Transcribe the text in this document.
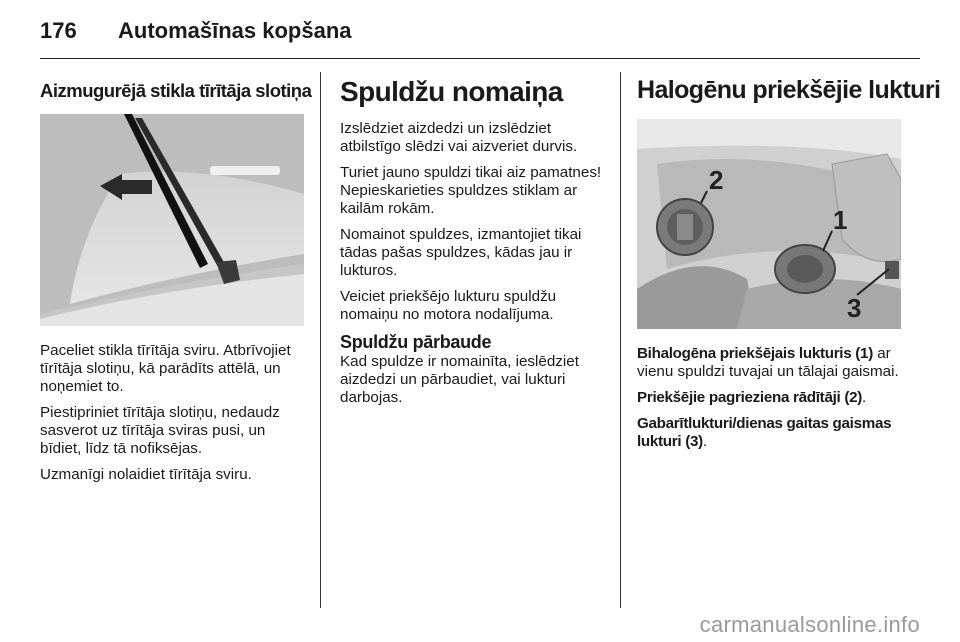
176 Automašīnas kopšana
Aizmugurējā stikla tīrītāja slotiņa

Paceliet stikla tīrītāja sviru. Atbrīvojiet tīrītāja slotiņu, kā parādīts attēlā, un noņemiet to.

Piestipriniet tīrītāja slotiņu, nedaudz sasverot uz tīrītāja sviras pusi, un bīdiet, līdz tā nofiksējas.

Uzmanīgi nolaidiet tīrītāja sviru.

Spuldžu nomaiņa

Izslēdziet aizdedzi un izslēdziet atbilstīgo slēdzi vai aizveriet durvis.

Turiet jauno spuldzi tikai aiz pamatnes! Nepieskarieties spuldzes stiklam ar kailām rokām.

Nomainot spuldzes, izmantojiet tikai tādas pašas spuldzes, kādas jau ir lukturos.

Veiciet priekšējo lukturu spuldžu nomaiņu no motora nodalījuma.

Spuldžu pārbaude

Kad spuldze ir nomainīta, ieslēdziet aizdedzi un pārbaudiet, vai lukturi darbojas.

Halogēnu priekšējie lukturi
2
1
3

Bihalogēna priekšējais lukturis (1) ar vienu spuldzi tuvajai un tālajai gaismai.

Priekšējie pagrieziena rādītāji (2).

Gabarītlukturi/dienas gaitas gaismas lukturi (3).

carmanualsonline.info
